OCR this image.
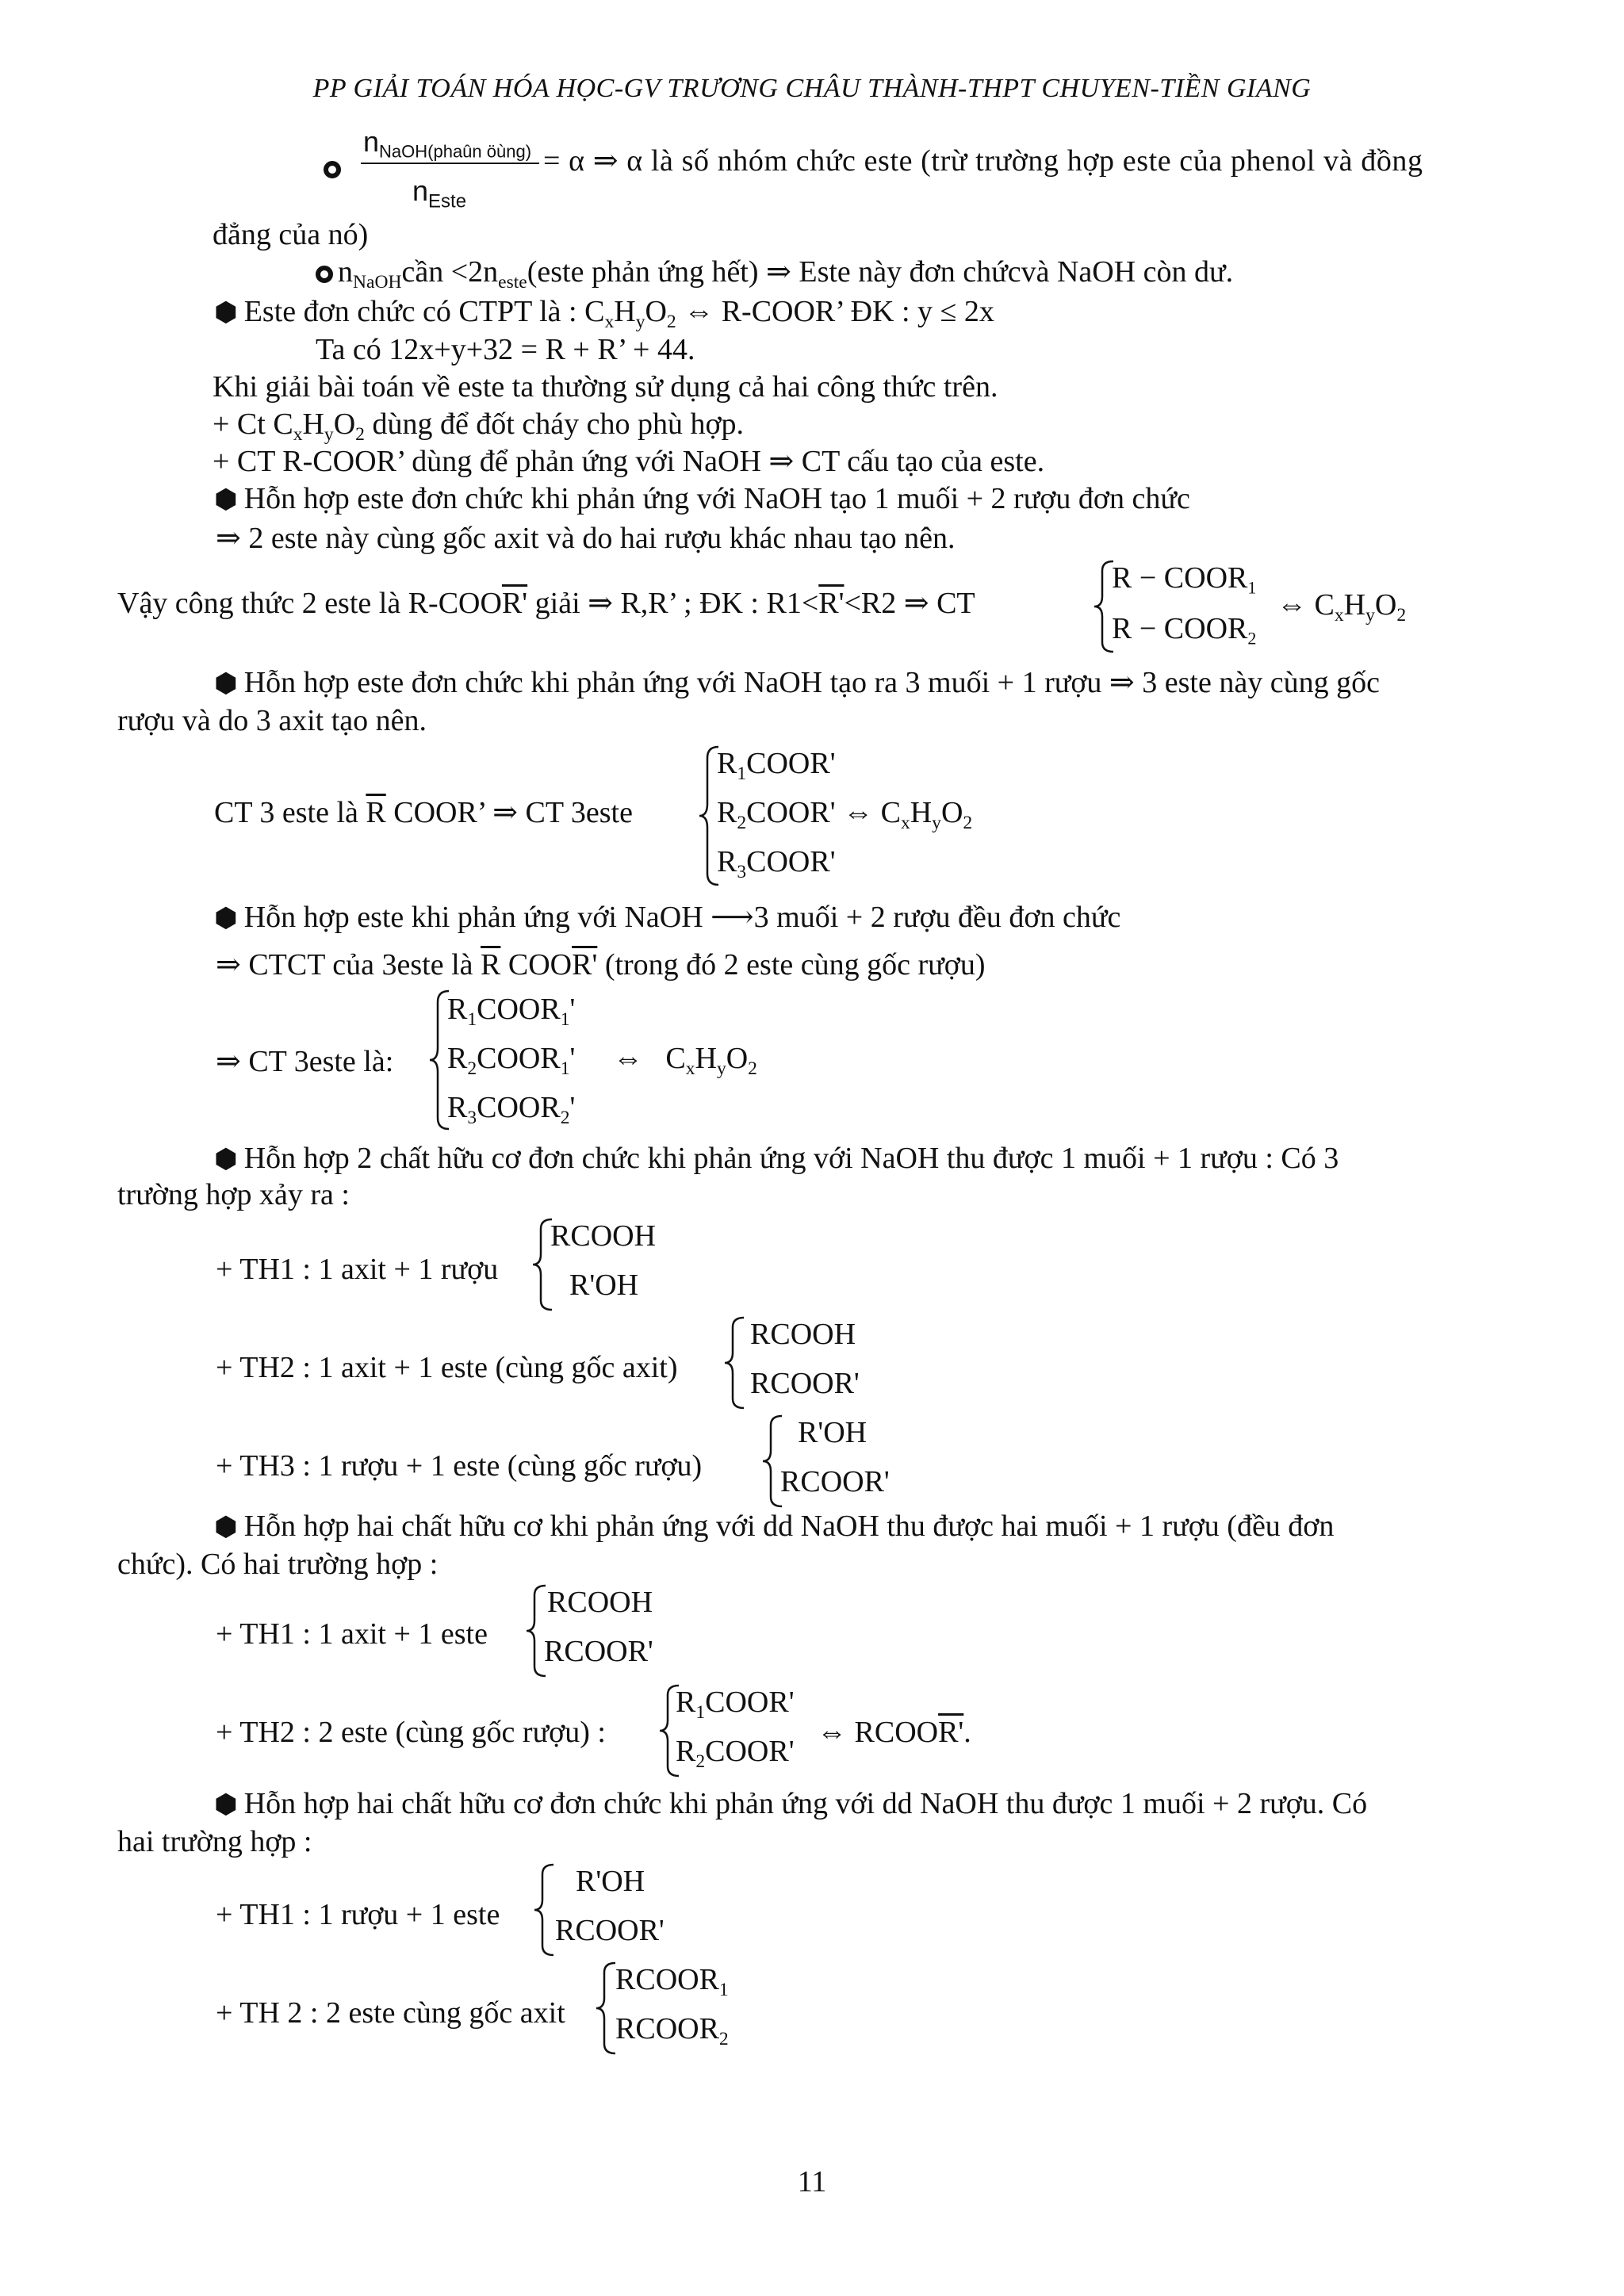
PP GIẢI TOÁN HÓA HỌC-GV TRƯƠNG CHÂU THÀNH-THPT CHUYEN-TIỀN GIANG
$n_{NaOH(phaûn öùng)}$
$n_{Este}$
= α ⇒ α là số nhóm chức este (trừ trường hợp este của phenol và đồng
đẳng của nó)
$n_{NaOH}cần$ $<2n_{este}(este$ phản ứng hết) ⇒ Este này đơn chứcvà NaOH còn dư.
⬢ Este đơn chức có CTPT là : $C_xH_yO_2$ ⇔ R-COOR’ ĐK : y ≤ 2x
Ta có 12x+y+32 = R + R’ + 44.
Khi giải bài toán về este ta thường sử dụng cả hai công thức trên.
+ Ct $C_xH_yO_2$ dùng để đốt cháy cho phù hợp.
+ CT R-COOR’ dùng để phản ứng với NaOH ⇒ CT cấu tạo của este.
⬢ Hỗn hợp este đơn chức khi phản ứng với NaOH tạo 1 muối + 2 rượu đơn chức
⇒ 2 este này cùng gốc axit và do hai rượu khác nhau tạo nên.
Vậy công thức 2 este là R-COOR' giải ⇒ R,R’ ; ĐK : R1<R'<R2 ⇒ CT
$R - COOR_1$
$R - COOR_2$
⇔ $C_xH_yO_2$
⬢ Hỗn hợp este đơn chức khi phản ứng với NaOH tạo ra 3 muối + 1 rượu ⇒ 3 este này cùng gốc
rượu và do 3 axit tạo nên.
CT 3 este là $\overline{R}$ COOR’ ⇒ CT 3este
$R_1COOR'$
$R_2COOR'$ ⇔ $C_xH_yO_2$
$R_3COOR'$
⬢ Hỗn hợp este khi phản ứng với NaOH ⟶3 muối + 2 rượu đều đơn chức
⇒ CTCT của 3este là $\overline{R}$ COOR' (trong đó 2 este cùng gốc rượu)
⇒ CT 3este là:
$R_1COOR_1'$
$R_2COOR_1'$     ⇔   $C_xH_yO_2$
$R_3COOR_2'$
⬢ Hỗn hợp 2 chất hữu cơ đơn chức khi phản ứng với NaOH thu được 1 muối + 1 rượu : Có 3
trường hợp xảy ra :
+ TH1 : 1 axit + 1 rượu
RCOOH
R'OH
+ TH2 : 1 axit + 1 este (cùng gốc axit)
RCOOH
RCOOR'
+ TH3 : 1 rượu + 1 este (cùng gốc rượu)
R'OH
RCOOR'
⬢ Hỗn hợp hai chất hữu cơ khi phản ứng với dd NaOH thu được hai muối + 1 rượu (đều đơn
chức). Có hai trường hợp :
+ TH1 : 1 axit + 1 este
RCOOH
RCOOR'
+ TH2 : 2 este (cùng gốc rượu) :
$R_1COOR'$
$R_2COOR'$
⇔ RCOOR'.
⬢ Hỗn hợp hai chất hữu cơ đơn chức khi phản ứng với dd NaOH thu được 1 muối + 2 rượu. Có
hai trường hợp :
+ TH1 : 1 rượu + 1 este
R'OH
RCOOR'
+ TH 2 : 2 este cùng gốc axit
$RCOOR_1$
$RCOOR_2$
11
